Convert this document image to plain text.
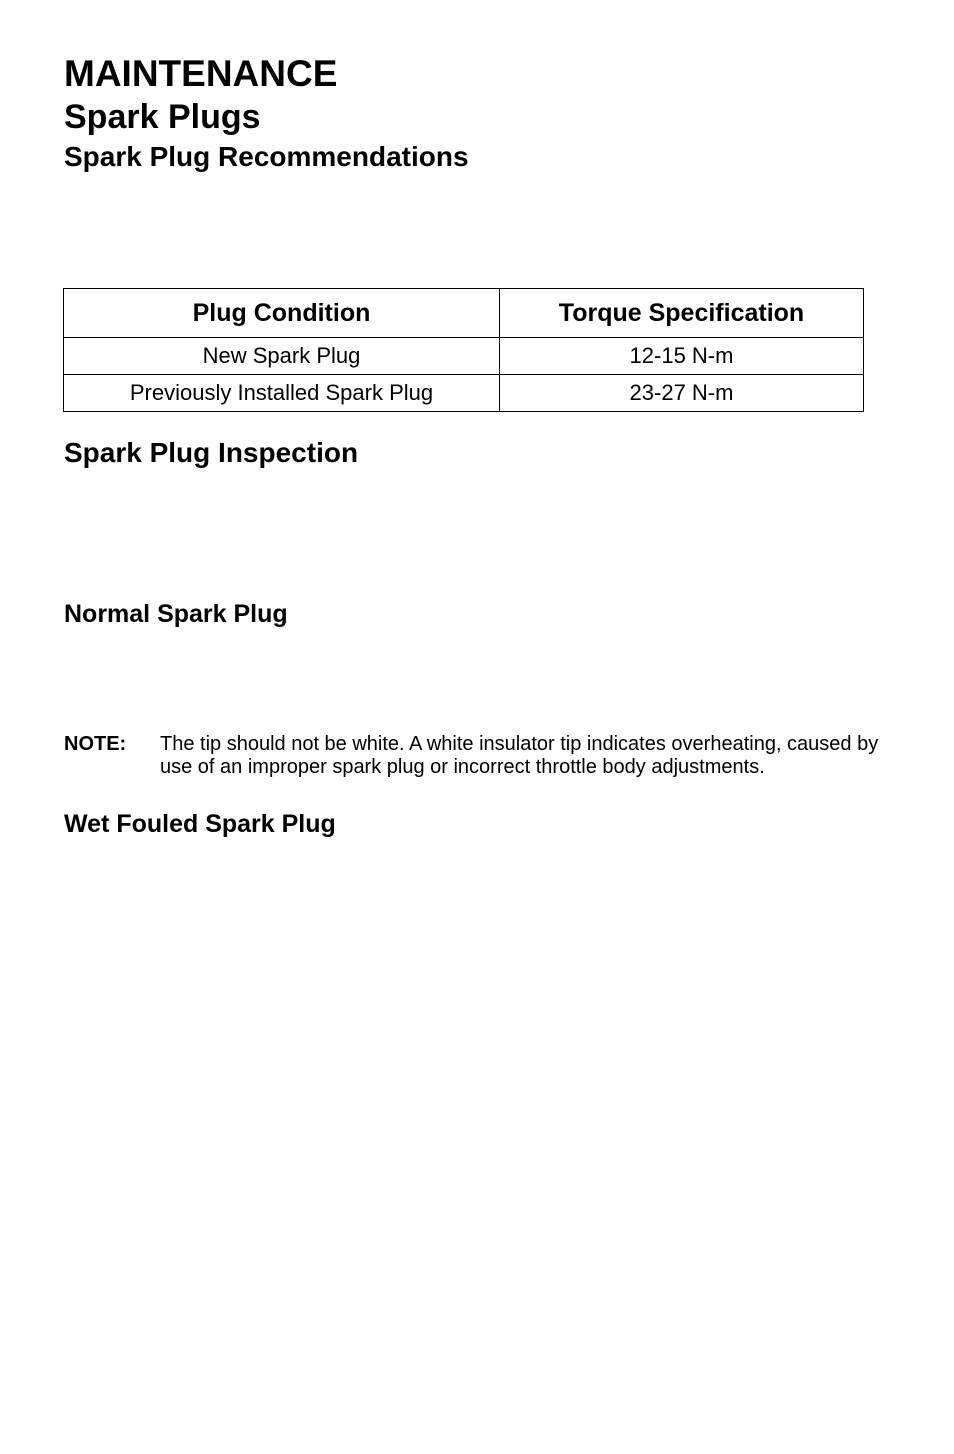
MAINTENANCE
Spark Plugs
Spark Plug Recommendations
Plug Condition	Torque Specification
New Spark Plug	12-15 N-m
Previously Installed Spark Plug	23-27 N-m
Spark Plug Inspection
Normal Spark Plug
NOTE: The tip should not be white. A white insulator tip indicates overheating, caused by use of an improper spark plug or incorrect throttle body adjustments.
Wet Fouled Spark Plug
